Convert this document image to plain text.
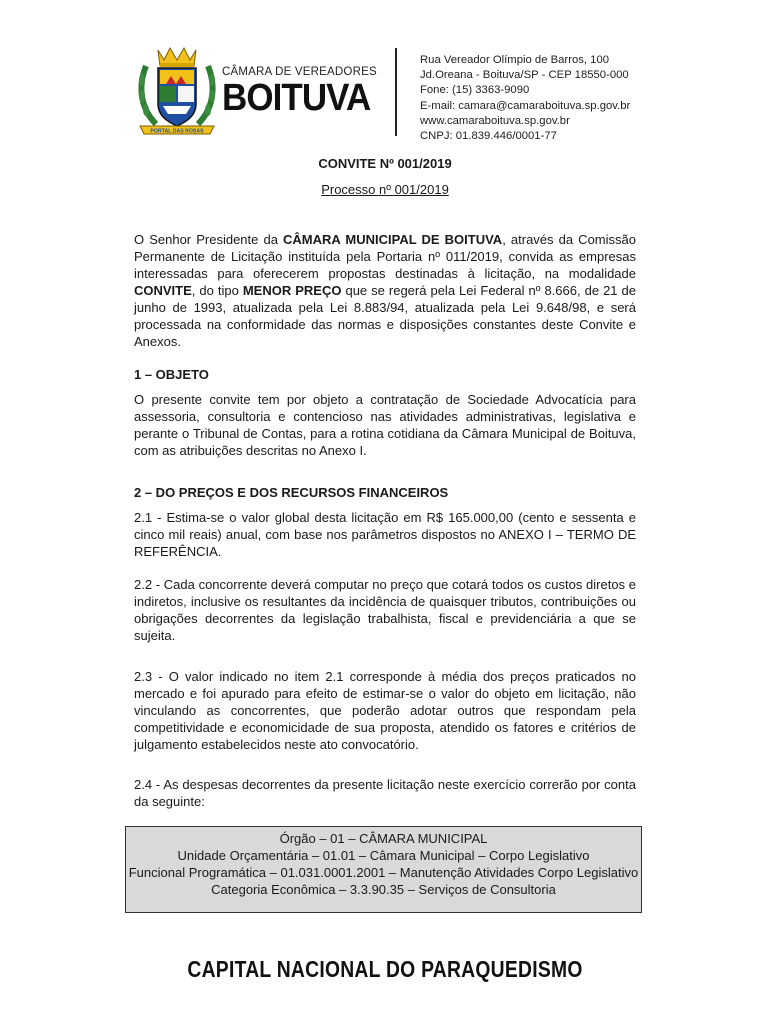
PORTAL DAS ROSAS
CÂMARA DE VEREADORES
BOITUVA
Rua Vereador Olímpio de Barros, 100
Jd.Oreana - Boituva/SP - CEP 18550-000
Fone: (15) 3363-9090
E-mail: camara@camaraboituva.sp.gov.br
www.camaraboituva.sp.gov.br
CNPJ: 01.839.446/0001-77
CONVITE Nº 001/2019
Processo nº 001/2019

O Senhor Presidente da CÂMARA MUNICIPAL DE BOITUVA, através da Comissão Permanente de Licitação instituída pela Portaria nº 011/2019, convida as empresas interessadas para oferecerem propostas destinadas à licitação, na modalidade CONVITE, do tipo MENOR PREÇO que se regerá pela Lei Federal nº 8.666, de 21 de junho de 1993, atualizada pela Lei 8.883/94, atualizada pela Lei 9.648/98, e será processada na conformidade das normas e disposições constantes deste Convite e Anexos.

1 – OBJETO

O presente convite tem por objeto a contratação de Sociedade Advocatícia para assessoria, consultoria e contencioso nas atividades administrativas, legislativa e perante o Tribunal de Contas, para a rotina cotidiana da Câmara Municipal de Boituva, com as atribuições descritas no Anexo I.

2 – DO PREÇOS E DOS RECURSOS FINANCEIROS

2.1 - Estima-se o valor global desta licitação em R$ 165.000,00 (cento e sessenta e cinco mil reais) anual, com base nos parâmetros dispostos no ANEXO I – TERMO DE REFERÊNCIA.

2.2 - Cada concorrente deverá computar no preço que cotará todos os custos diretos e indiretos, inclusive os resultantes da incidência de quaisquer tributos, contribuições ou obrigações decorrentes da legislação trabalhista, fiscal e previdenciária a que se sujeita.

2.3 - O valor indicado no item 2.1 corresponde à média dos preços praticados no mercado e foi apurado para efeito de estimar-se o valor do objeto em licitação, não vinculando as concorrentes, que poderão adotar outros que respondam pela competitividade e economicidade de sua proposta, atendido os fatores e critérios de julgamento estabelecidos neste ato convocatório.

2.4 - As despesas decorrentes da presente licitação neste exercício correrão por conta da seguinte:

Órgão – 01 – CÂMARA MUNICIPAL
Unidade Orçamentária – 01.01 – Câmara Municipal – Corpo Legislativo
Funcional Programática – 01.031.0001.2001 – Manutenção Atividades Corpo Legislativo
Categoria Econômica – 3.3.90.35 – Serviços de Consultoria
CAPITAL NACIONAL DO PARAQUEDISMO
